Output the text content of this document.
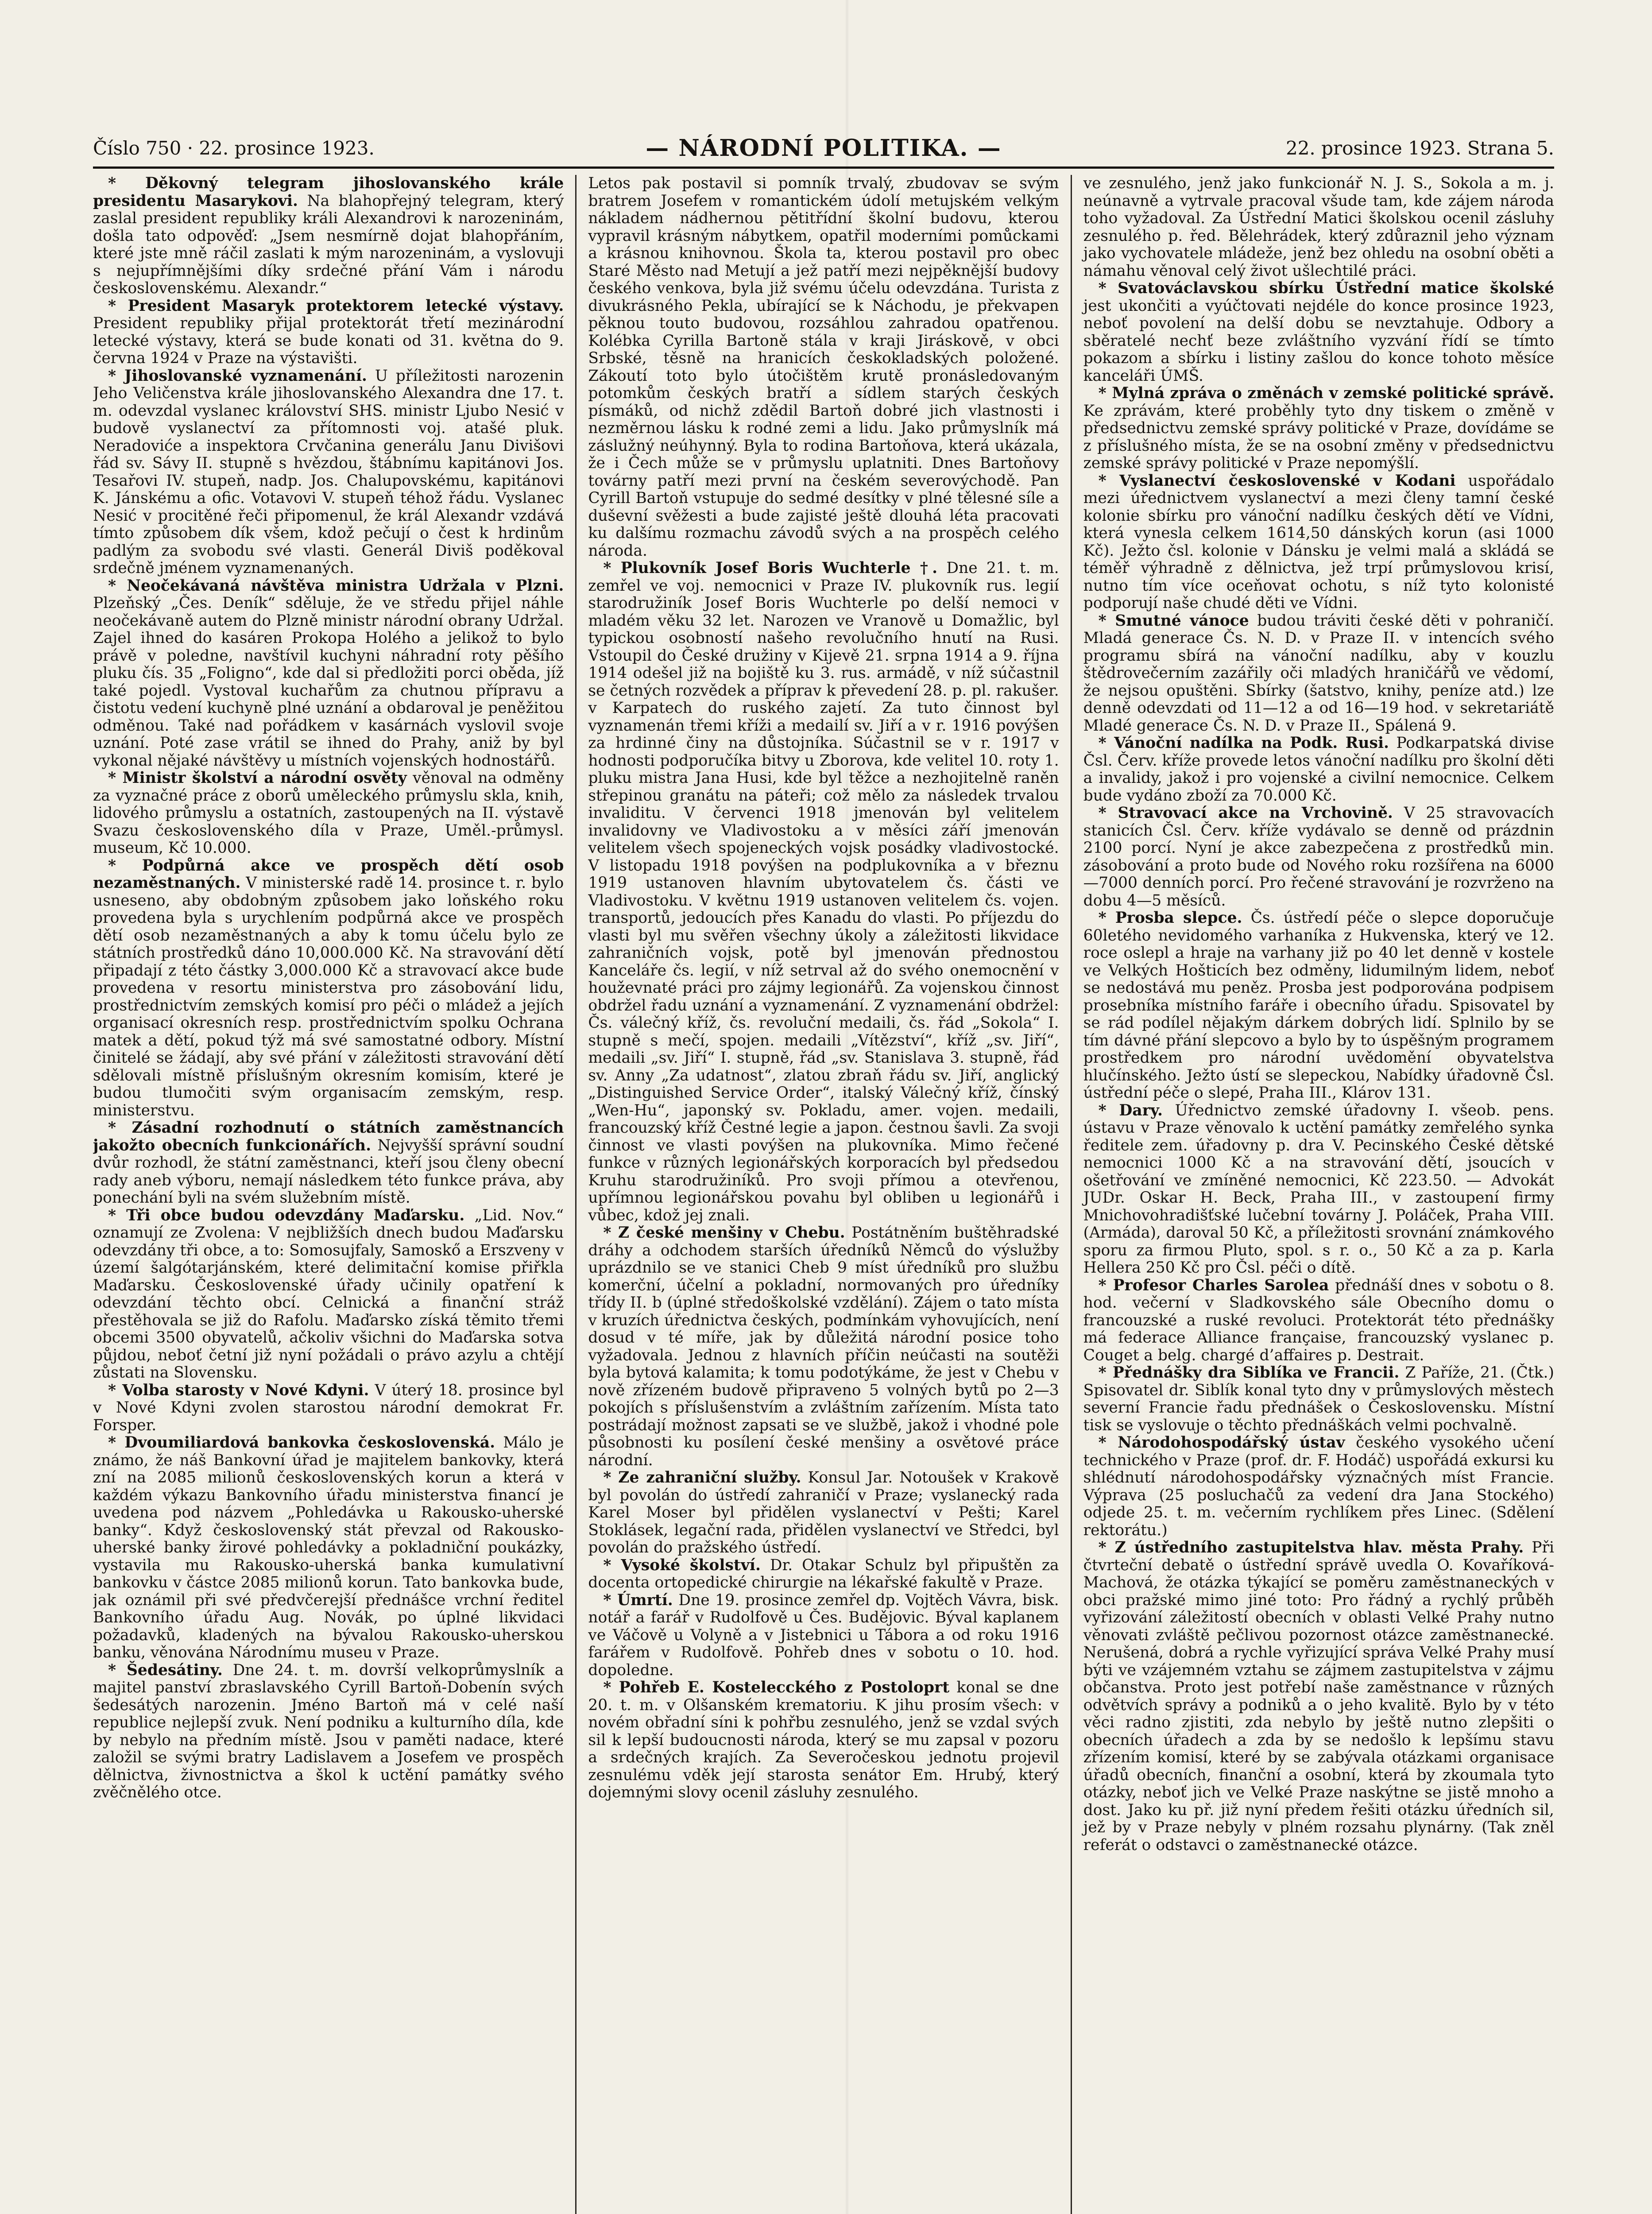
Číslo 750 · 22. prosince 1923.	— NÁRODNÍ POLITIKA. —	22. prosince 1923. Strana 5.

* Děkovný telegram jihoslovanského krále presidentu Masarykovi. Na blahopřejný telegram, který zaslal president republiky králi Alexandrovi k narozeninám, došla tato odpověď: „Jsem nesmírně dojat blahopřáním, které jste mně ráčil zaslati k mým narozeninám, a vyslovuji s nejupřímnějšími díky srdečné přání Vám i národu československému. Alexandr.“

* President Masaryk protektorem letecké výstavy. President republiky přijal protektorát třetí mezinárodní letecké výstavy, která se bude konati od 31. května do 9. června 1924 v Praze na výstavišti.

* Jihoslovanské vyznamenání. U příležitosti narozenin Jeho Veličenstva krále jihoslovanského Alexandra dne 17. t. m. odevzdal vyslanec království SHS. ministr Ljubo Nesić v budově vyslanectví za přítomnosti voj. atašé pluk. Neradoviće a inspektora Crvčanina generálu Janu Divišovi řád sv. Sávy II. stupně s hvězdou, štábnímu kapitánovi Jos. Tesařovi IV. stupeň, nadp. Jos. Chalupovskému, kapitánovi K. Jánskému a ofic. Votavovi V. stupeň téhož řádu. Vyslanec Nesić v procitěné řeči připomenul, že král Alexandr vzdává tímto způsobem dík všem, kdož pečují o čest k hrdinům padlým za svobodu své vlasti. Generál Diviš poděkoval srdečně jménem vyznamenaných.

* Neočekávaná návštěva ministra Udržala v Plzni. Plzeňský „Čes. Deník“ sděluje, že ve středu přijel náhle neočekávaně autem do Plzně ministr národní obrany Udržal. Zajel ihned do kasáren Prokopa Holého a jelikož to bylo právě v poledne, navštívil kuchyni náhradní roty pěšího pluku čís. 35 „Foligno“, kde dal si předložiti porci oběda, jíž také pojedl. Vystoval kuchařům za chutnou přípravu a čistotu vedení kuchyně plné uznání a obdaroval je peněžitou odměnou. Také nad pořádkem v kasárnách vyslovil svoje uznání. Poté zase vrátil se ihned do Prahy, aniž by byl vykonal nějaké návštěvy u místních vojenských hodnostářů.

* Ministr školství a národní osvěty věnoval na odměny za vyznačné práce z oborů uměleckého průmyslu skla, knih, lidového průmyslu a ostatních, zastoupených na II. výstavě Svazu československého díla v Praze, Uměl.-průmysl. museum, Kč 10.000.

* Podpůrná akce ve prospěch dětí osob nezaměstnaných. V ministerské radě 14. prosince t. r. bylo usneseno, aby obdobným způsobem jako loňského roku provedena byla s urychlením podpůrná akce ve prospěch dětí osob nezaměstnaných a aby k tomu účelu bylo ze státních prostředků dáno 10,000.000 Kč. Na stravování dětí připadají z této částky 3,000.000 Kč a stravovací akce bude provedena v resortu ministerstva pro zásobování lidu, prostřednictvím zemských komisí pro péči o mládež a jejích organisací okresních resp. prostřednictvím spolku Ochrana matek a dětí, pokud týž má své samostatné odbory. Místní činitelé se žádají, aby své přání v záležitosti stravování dětí sdělovali místně příslušným okresním komisím, které je budou tlumočiti svým organisacím zemským, resp. ministerstvu.

* Zásadní rozhodnutí o státních zaměstnancích jakožto obecních funkcionářích. Nejvyšší správní soudní dvůr rozhodl, že státní zaměstnanci, kteří jsou členy obecní rady aneb výboru, nemají následkem této funkce práva, aby ponechání byli na svém služebním místě.

* Tři obce budou odevzdány Maďarsku. „Lid. Nov.“ oznamují ze Zvolena: V nejbližších dnech budou Maďarsku odevzdány tři obce, a to: Somosujfaly, Samoskő a Erszveny v území šalgótarjánském, které delimitační komise přiřkla Maďarsku. Československé úřady učinily opatření k odevzdání těchto obcí. Celnická a finanční stráž přestěhovala se již do Rafolu. Maďarsko získá těmito třemi obcemi 3500 obyvatelů, ačkoliv všichni do Maďarska sotva půjdou, neboť četní již nyní požádali o právo azylu a chtějí zůstati na Slovensku.

* Volba starosty v Nové Kdyni. V úterý 18. prosince byl v Nové Kdyni zvolen starostou národní demokrat Fr. Forsper.

* Dvoumiliardová bankovka československá. Málo je známo, že náš Bankovní úřad je majitelem bankovky, která zní na 2085 milionů československých korun a která v každém výkazu Bankovního úřadu ministerstva financí je uvedena pod názvem „Pohledávka u Rakousko-uherské banky“. Když československý stát převzal od Rakousko-uherské banky žirové pohledávky a pokladniční poukázky, vystavila mu Rakousko-uherská banka kumulativní bankovku v částce 2085 milionů korun. Tato bankovka bude, jak oznámil při své předvčerejší přednášce vrchní ředitel Bankovního úřadu Aug. Novák, po úplné likvidaci požadavků, kladených na bývalou Rakousko-uherskou banku, věnována Národnímu museu v Praze.

* Šedesátiny. Dne 24. t. m. dovrší velkoprůmyslník a majitel panství zbraslavského Cyrill Bartoň-Dobenín svých šedesátých narozenin. Jméno Bartoň má v celé naší republice nejlepší zvuk. Není podniku a kulturního díla, kde by nebylo na předním místě. Jsou v paměti nadace, které založil se svými bratry Ladislavem a Josefem ve prospěch dělnictva, živnostnictva a škol k uctění památky svého zvěčnělého otce.

Letos pak postavil si pomník trvalý, zbudovav se svým bratrem Josefem v romantickém údolí metujském velkým nákladem nádhernou pětitřídní školní budovu, kterou vypravil krásným nábytkem, opatřil moderními pomůckami a krásnou knihovnou. Škola ta, kterou postavil pro obec Staré Město nad Metují a jež patří mezi nejpěknější budovy českého venkova, byla již svému účelu odevzdána. Turista z divukrásného Pekla, ubírající se k Náchodu, je překvapen pěknou touto budovou, rozsáhlou zahradou opatřenou. Kolébka Cyrilla Bartoně stála v kraji Jiráskově, v obci Srbské, těsně na hranicích českokladských položené. Zákoutí toto bylo útočištěm krutě pronásledovaným potomkům českých bratří a sídlem starých českých písmáků, od nichž zdědil Bartoň dobré jich vlastnosti i nezměrnou lásku k rodné zemi a lidu. Jako průmyslník má záslužný neúhynný. Byla to rodina Bartoňova, která ukázala, že i Čech může se v průmyslu uplatniti. Dnes Bartoňovy továrny patří mezi první na českém severovýchodě. Pan Cyrill Bartoň vstupuje do sedmé desítky v plné tělesné síle a duševní svěžesti a bude zajisté ještě dlouhá léta pracovati ku dalšímu rozmachu závodů svých a na prospěch celého národa.

* Plukovník Josef Boris Wuchterle †. Dne 21. t. m. zemřel ve voj. nemocnici v Praze IV. plukovník rus. legií starodružiník Josef Boris Wuchterle po delší nemoci v mladém věku 32 let. Narozen ve Vranově u Domažlic, byl typickou osobností našeho revolučního hnutí na Rusi. Vstoupil do České družiny v Kijevě 21. srpna 1914 a 9. října 1914 odešel již na bojiště ku 3. rus. armádě, v níž súčastnil se četných rozvědek a příprav k převedení 28. p. pl. rakušer. v Karpatech do ruského zajetí. Za tuto činnost byl vyznamenán třemi kříži a medailí sv. Jiří a v r. 1916 povýšen za hrdinné činy na důstojníka. Súčastnil se v r. 1917 v hodnosti podporučíka bitvy u Zborova, kde velitel 10. roty 1. pluku mistra Jana Husi, kde byl těžce a nezhojitelně raněn střepinou granátu na páteři; což mělo za následek trvalou invaliditu. V červenci 1918 jmenován byl velitelem invalidovny ve Vladivostoku a v měsíci září jmenován velitelem všech spojeneckých vojsk posádky vladivostocké. V listopadu 1918 povýšen na podplukovníka a v březnu 1919 ustanoven hlavním ubytovatelem čs. části ve Vladivostoku. V květnu 1919 ustanoven velitelem čs. vojen. transportů, jedoucích přes Kanadu do vlasti. Po příjezdu do vlasti byl mu svěřen všechny úkoly a záležitosti likvidace zahraničních vojsk, potě byl jmenován přednostou Kanceláře čs. legií, v níž setrval až do svého onemocnění v houževnaté práci pro zájmy legionářů. Za vojenskou činnost obdržel řadu uznání a vyznamenání. Z vyznamenání obdržel: Čs. válečný kříž, čs. revoluční medaili, čs. řád „Sokola“ I. stupně s mečí, spojen. medaili „Vítězství“, kříž „sv. Jiří“, medaili „sv. Jiří“ I. stupně, řád „sv. Stanislava 3. stupně, řád sv. Anny „Za udatnost“, zlatou zbraň řádu sv. Jiří, anglický „Distinguished Service Order“, italský Válečný kříž, čínský „Wen-Hu“, japonský sv. Pokladu, amer. vojen. medaili, francouzský kříž Čestné legie a japon. čestnou šavli. Za svoji činnost ve vlasti povýšen na plukovníka. Mimo řečené funkce v různých legionářských korporacích byl předsedou Kruhu starodružiníků. Pro svoji přímou a otevřenou, upřímnou legionářskou povahu byl obliben u legionářů i vůbec, kdož jej znali.

* Z české menšiny v Chebu. Postátněním buštěhradské dráhy a odchodem starších úředníků Němců do výslužby uprázdnilo se ve stanici Cheb 9 míst úředníků pro službu komerční, účelní a pokladní, normovaných pro úředníky třídy II. b (úplné středoškolské vzdělání). Zájem o tato místa v kruzích úřednictva českých, podmínkám vyhovujících, není dosud v té míře, jak by důležitá národní posice toho vyžadovala. Jednou z hlavních příčin neúčasti na soutěži byla bytová kalamita; k tomu podotýkáme, že jest v Chebu v nově zřízeném budově připraveno 5 volných bytů po 2—3 pokojích s příslušenstvím a zvláštním zařízením. Místa tato postrádají možnost zapsati se ve službě, jakož i vhodné pole působnosti ku posílení české menšiny a osvětové práce národní.

* Ze zahraniční služby. Konsul Jar. Notoušek v Krakově byl povolán do ústředí zahraničí v Praze; vyslanecký rada Karel Moser byl přidělen vyslanectví v Pešti; Karel Stoklásek, legační rada, přidělen vyslanectví ve Středci, byl povolán do pražského ústředí.

* Vysoké školství. Dr. Otakar Schulz byl připuštěn za docenta ortopedické chirurgie na lékařské fakultě v Praze.

* Úmrtí. Dne 19. prosince zemřel dp. Vojtěch Vávra, bisk. notář a farář v Rudolfově u Čes. Budějovic. Býval kaplanem ve Váčově u Volyně a v Jistebnici u Tábora a od roku 1916 farářem v Rudolfově. Pohřeb dnes v sobotu o 10. hod. dopoledne.

* Pohřeb E. Kostelecckého z Postoloprt konal se dne 20. t. m. v Olšanském krematoriu. K jihu prosím všech: v novém obřadní síni k pohřbu zesnulého, jenž se vzdal svých sil k lepší budoucnosti národa, který se mu zapsal v pozoru a srdečných krajích. Za Severočeskou jednotu projevil zesnulému vděk její starosta senátor Em. Hrubý, který dojemnými slovy ocenil zásluhy zesnulého.

ve zesnulého, jenž jako funkcionář N. J. S., Sokola a m. j. neúnavně a vytrvale pracoval všude tam, kde zájem národa toho vyžadoval. Za Ústřední Matici školskou ocenil zásluhy zesnulého p. řed. Bělehrádek, který zdůraznil jeho význam jako vychovatele mládeže, jenž bez ohledu na osobní oběti a námahu věnoval celý život ušlechtilé práci.

* Svatováclavskou sbírku Ústřední matice školské jest ukončiti a vyúčtovati nejdéle do konce prosince 1923, neboť povolení na delší dobu se nevztahuje. Odbory a sběratelé nechť beze zvláštního vyzvání řídí se tímto pokazom a sbírku i listiny zašlou do konce tohoto měsíce kanceláři ÚMŠ.

* Mylná zpráva o změnách v zemské politické správě. Ke zprávám, které proběhly tyto dny tiskem o změně v předsednictvu zemské správy politické v Praze, dovídáme se z příslušného místa, že se na osobní změny v předsednictvu zemské správy politické v Praze nepomýšlí.

* Vyslanectví československé v Kodani uspořádalo mezi úřednictvem vyslanectví a mezi členy tamní české kolonie sbírku pro vánoční nadílku českých dětí ve Vídni, která vynesla celkem 1614,50 dánských korun (asi 1000 Kč). Ježto čsl. kolonie v Dánsku je velmi malá a skládá se téměř výhradně z dělnictva, jež trpí průmyslovou krisí, nutno tím více oceňovat ochotu, s níž tyto kolonisté podporují naše chudé děti ve Vídni.

* Smutné vánoce budou tráviti české děti v pohraničí. Mladá generace Čs. N. D. v Praze II. v intencích svého programu sbírá na vánoční nadílku, aby v kouzlu štědrovečerním zazářily oči mladých hraničářů ve vědomí, že nejsou opuštěni. Sbírky (šatstvo, knihy, peníze atd.) lze denně odevzdati od 11—12 a od 16—19 hod. v sekretariátě Mladé generace Čs. N. D. v Praze II., Spálená 9.

* Vánoční nadílka na Podk. Rusi. Podkarpatská divise Čsl. Červ. kříže provede letos vánoční nadílku pro školní děti a invalidy, jakož i pro vojenské a civilní nemocnice. Celkem bude vydáno zboží za 70.000 Kč.

* Stravovací akce na Vrchovině. V 25 stravovacích stanicích Čsl. Červ. kříže vydávalo se denně od prázdnin 2100 porcí. Nyní je akce zabezpečena z prostředků min. zásobování a proto bude od Nového roku rozšířena na 6000—7000 denních porcí. Pro řečené stravování je rozvrženo na dobu 4—5 měsíců.

* Prosba slepce. Čs. ústředí péče o slepce doporučuje 60letého nevidomého varhaníka z Hukvenska, který ve 12. roce oslepl a hraje na varhany již po 40 let denně v kostele ve Velkých Hošticích bez odměny, lidumilným lidem, neboť se nedostává mu peněz. Prosba jest podporována podpisem prosebníka místního faráře i obecního úřadu. Spisovatel by se rád podílel nějakým dárkem dobrých lidí. Splnilo by se tím dávné přání slepcovo a bylo by to úspěšným programem prostředkem pro národní uvědomění obyvatelstva hlučínského. Ježto ústí se slepeckou, Nabídky úřadovně Čsl. ústřední péče o slepé, Praha III., Klárov 131.

* Dary. Úřednictvo zemské úřadovny I. všeob. pens. ústavu v Praze věnovalo k uctění památky zemřelého synka ředitele zem. úřadovny p. dra V. Pecinského České dětské nemocnici 1000 Kč a na stravování dětí, jsoucích v ošetřování ve zmíněné nemocnici, Kč 223.50. — Advokát JUDr. Oskar H. Beck, Praha III., v zastoupení firmy Mnichovohradišťské lučební továrny J. Poláček, Praha VIII. (Armáda), daroval 50 Kč, a příležitosti srovnání známkového sporu za firmou Pluto, spol. s r. o., 50 Kč a za p. Karla Hellera 250 Kč pro Čsl. péči o dítě.

* Profesor Charles Sarolea přednáší dnes v sobotu o 8. hod. večerní v Sladkovského sále Obecního domu o francouzské a ruské revoluci. Protektorát této přednášky má federace Alliance française, francouzský vyslanec p. Couget a belg. chargé d’affaires p. Destrait.

* Přednášky dra Siblíka ve Francii. Z Paříže, 21. (Čtk.) Spisovatel dr. Siblík konal tyto dny v průmyslových městech severní Francie řadu přednášek o Československu. Místní tisk se vyslovuje o těchto přednáškách velmi pochvalně.

* Národohospodářský ústav českého vysokého učení technického v Praze (prof. dr. F. Hodáč) uspořádá exkursi ku shlédnutí národohospodářsky význačných míst Francie. Výprava (25 posluchačů za vedení dra Jana Stockého) odjede 25. t. m. večerním rychlíkem přes Linec. (Sdělení rektorátu.)

* Z ústředního zastupitelstva hlav. města Prahy. Při čtvrteční debatě o ústřední správě uvedla O. Kovaříková-Machová, že otázka týkající se poměru zaměstnaneckých v obci pražské mimo jiné toto: Pro řádný a rychlý průběh vyřizování záležitostí obecních v oblasti Velké Prahy nutno věnovati zvláště pečlivou pozornost otázce zaměstnanecké. Nerušená, dobrá a rychle vyřizující správa Velké Prahy musí býti ve vzájemném vztahu se zájmem zastupitelstva v zájmu občanstva. Proto jest potřebí naše zaměstnance v různých odvětvích správy a podniků a o jeho kvalitě. Bylo by v této věci radno zjistiti, zda nebylo by ještě nutno zlepšiti o obecních úřadech a zda by se nedošlo k lepšímu stavu zřízením komisí, které by se zabývala otázkami organisace úřadů obecních, finanční a osobní, která by zkoumala tyto otázky, neboť jich ve Velké Praze naskýtne se jistě mnoho a dost. Jako ku př. již nyní předem řešiti otázku úředních sil, jež by v Praze nebyly v plném rozsahu plynárny. (Tak zněl referát o odstavci o zaměstnanecké otázce.
